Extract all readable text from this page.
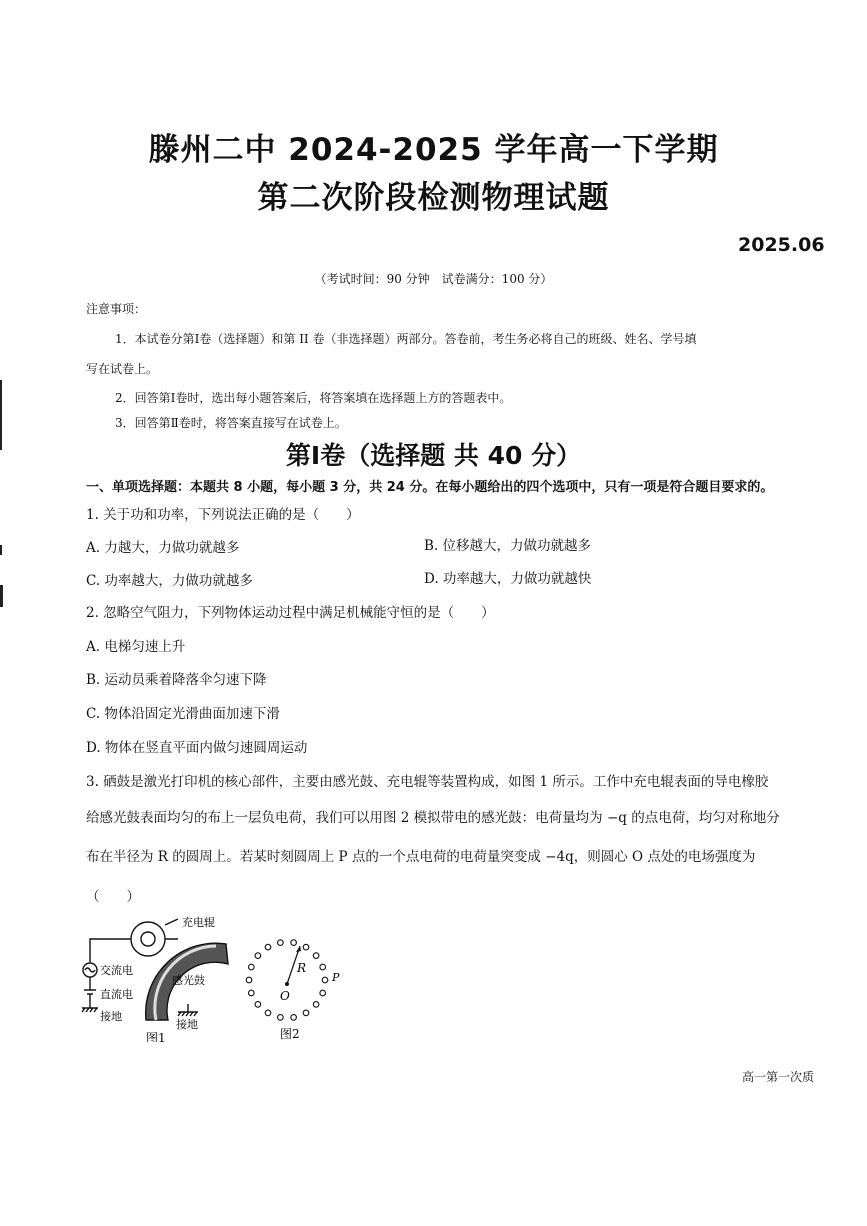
滕州二中 2024-2025 学年高一下学期
第二次阶段检测物理试题
2025.06
（考试时间：90 分钟　试卷满分：100 分）
注意事项：
1．本试卷分第Ⅰ卷（选择题）和第 II 卷（非选择题）两部分。答卷前，考生务必将自己的班级、姓名、学号填
写在试卷上。
2．回答第Ⅰ卷时，选出每小题答案后，将答案填在选择题上方的答题表中。
3．回答第Ⅱ卷时，将答案直接写在试卷上。
第Ⅰ卷（选择题 共 40 分）
一、单项选择题：本题共 8 小题，每小题 3 分，共 24 分。在每小题给出的四个选项中，只有一项是符合题目要求的。
1. 关于功和功率，下列说法正确的是（　　）
A. 力越大，力做功就越多	B. 位移越大，力做功就越多
C. 功率越大，力做功就越多	D. 功率越大，力做功就越快
2. 忽略空气阻力，下列物体运动过程中满足机械能守恒的是（　　）
A. 电梯匀速上升
B. 运动员乘着降落伞匀速下降
C. 物体沿固定光滑曲面加速下滑
D. 物体在竖直平面内做匀速圆周运动
3. 硒鼓是激光打印机的核心部件，主要由感光鼓、充电辊等装置构成，如图 1 所示。工作中充电辊表面的导电橡胶
给感光鼓表面均匀的布上一层负电荷，我们可以用图 2 模拟带电的感光鼓：电荷量均为 −q 的点电荷，均匀对称地分
布在半径为 R 的圆周上。若某时刻圆周上 P 点的一个点电荷的电荷量突变成 −4q，则圆心 O 点处的电场强度为
（　　）
充电辊
交流电
直流电
接地
感光鼓
接地
图1
R
O
P
图2
高一第一次质
